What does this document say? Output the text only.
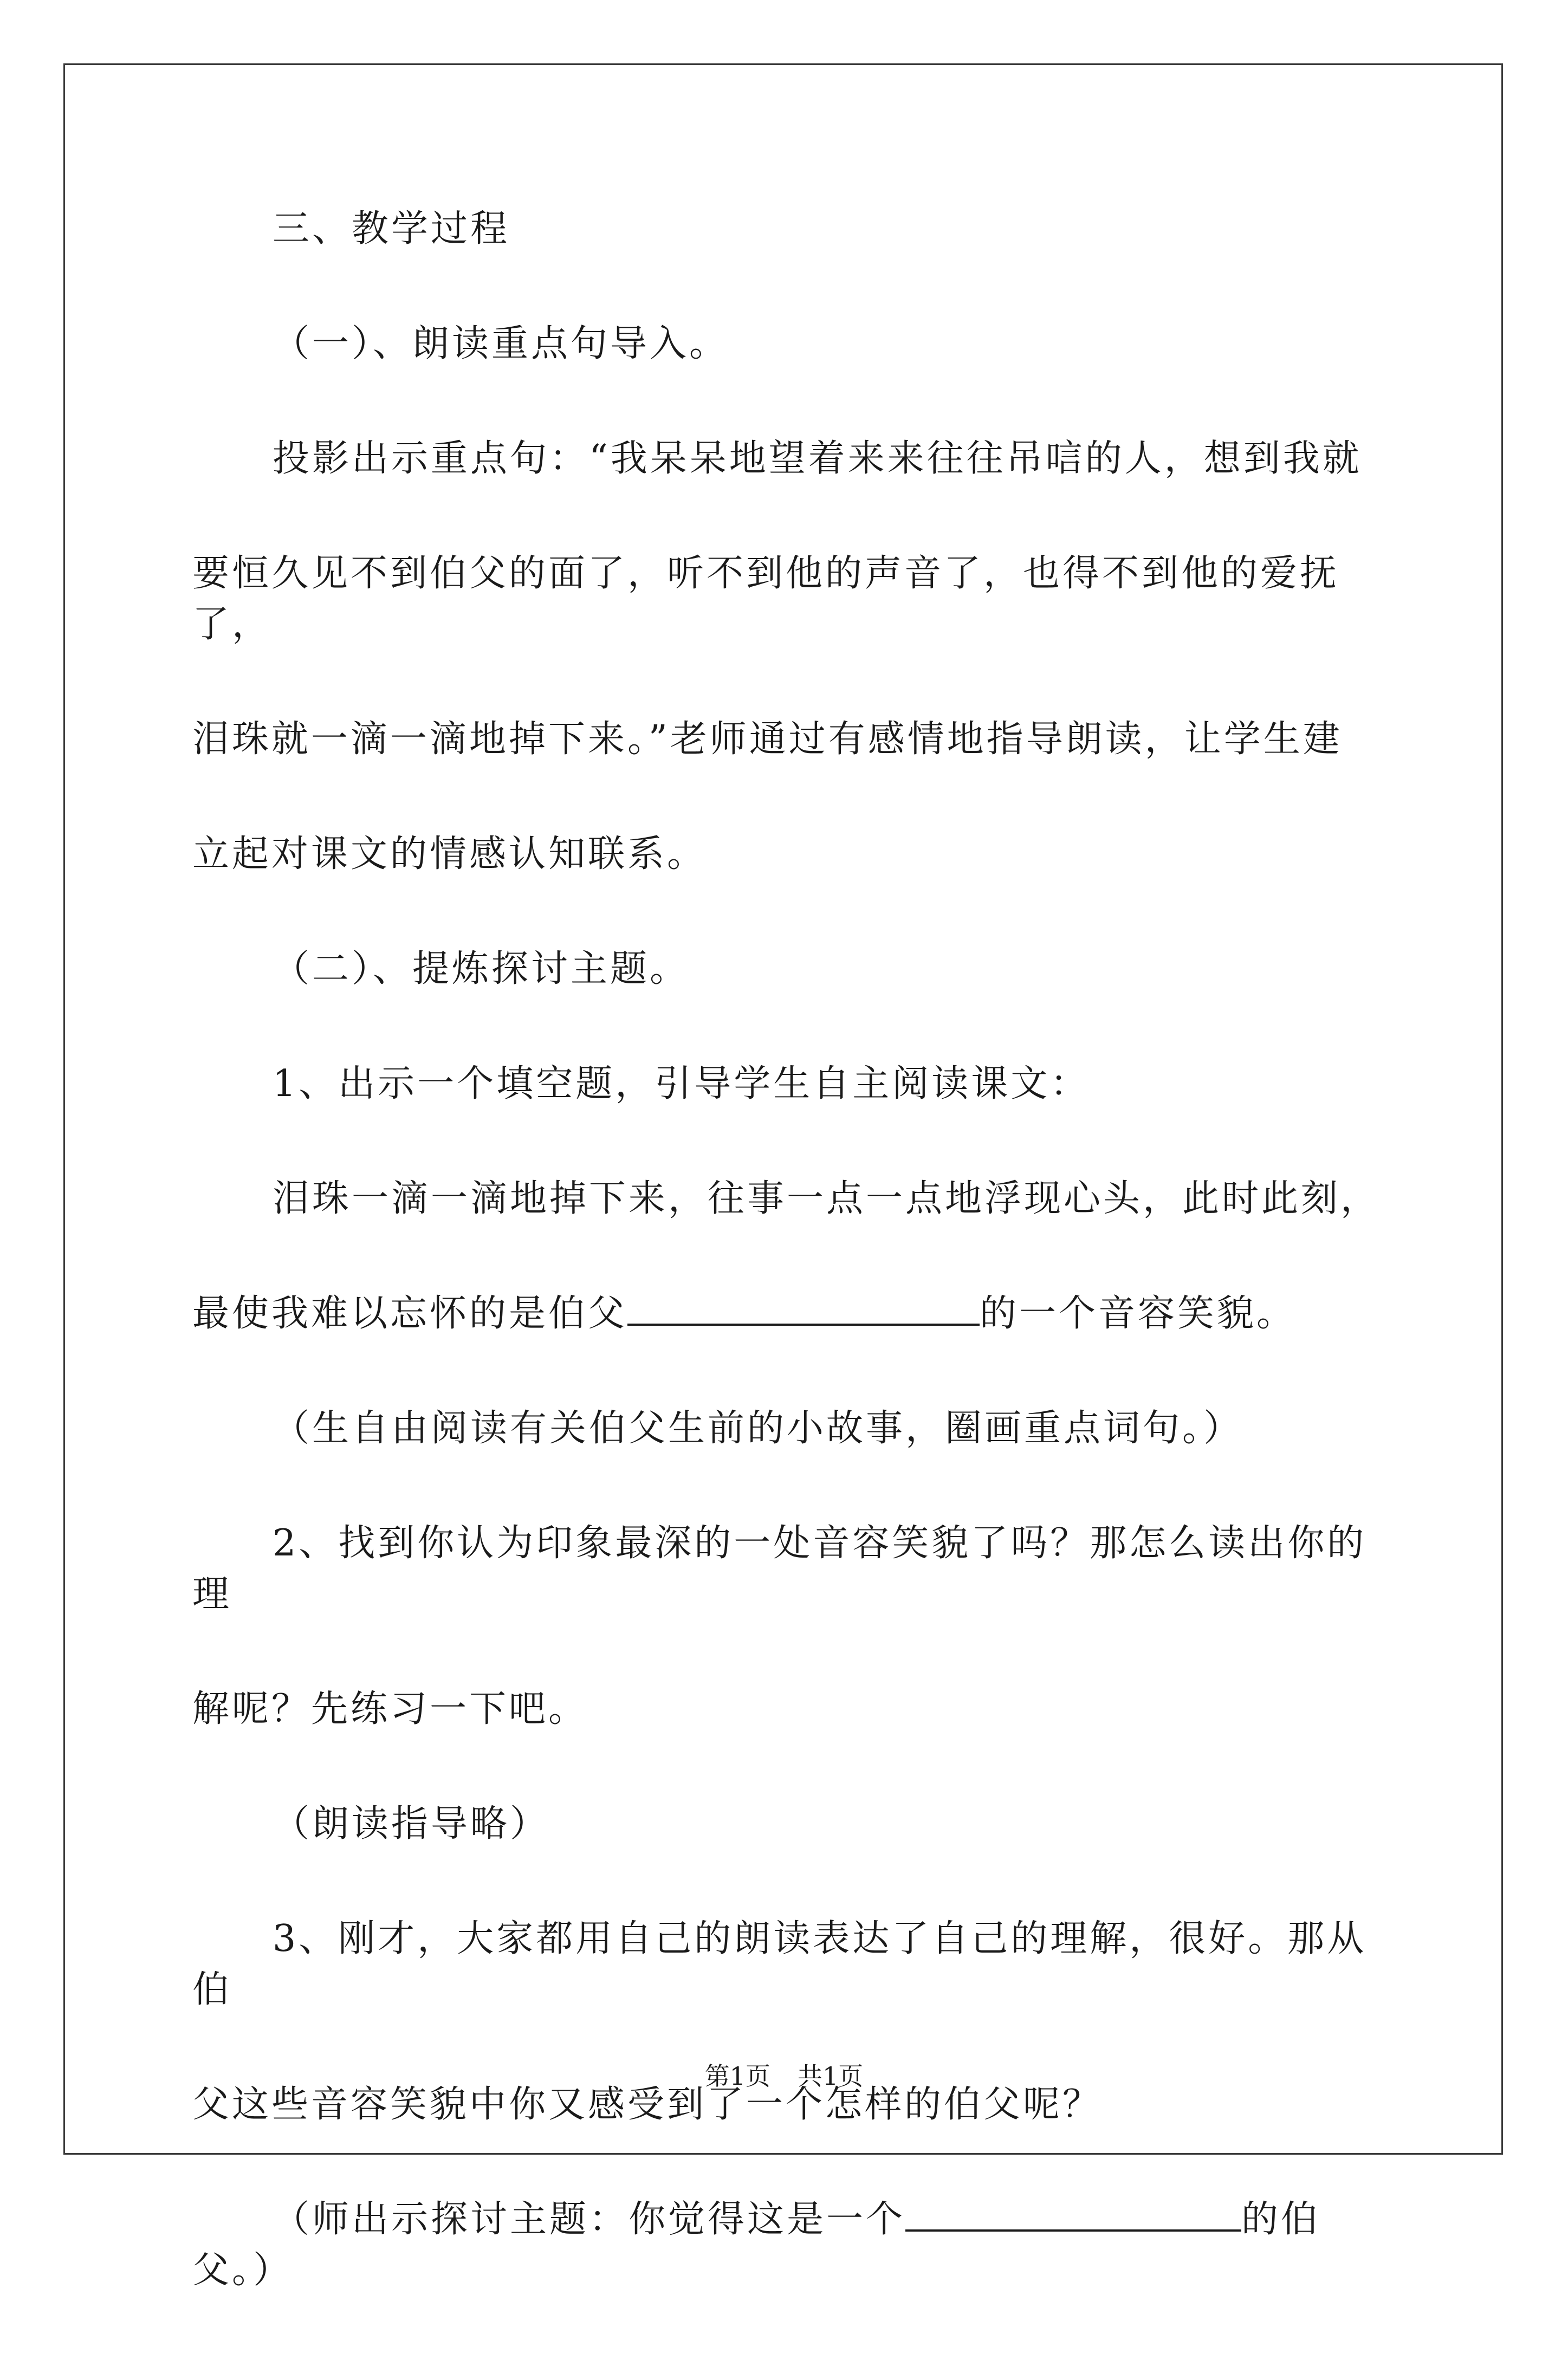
三、教学过程

（一）、朗读重点句导入。

投影出示重点句：“我呆呆地望着来来往往吊唁的人，想到我就
要恒久见不到伯父的面了，听不到他的声音了，也得不到他的爱抚了，
泪珠就一滴一滴地掉下来。”老师通过有感情地指导朗读，让学生建
立起对课文的情感认知联系。

（二）、提炼探讨主题。

1、出示一个填空题，引导学生自主阅读课文：

泪珠一滴一滴地掉下来，往事一点一点地浮现心头，此时此刻，
最使我难以忘怀的是伯父	的一个音容笑貌。

（生自由阅读有关伯父生前的小故事，圈画重点词句。）

2、找到你认为印象最深的一处音容笑貌了吗？那怎么读出你的理
解呢？先练习一下吧。

（朗读指导略）

3、刚才，大家都用自己的朗读表达了自己的理解，很好。那从伯
父这些音容笑貌中你又感受到了一个怎样的伯父呢？

（师出示探讨主题：你觉得这是一个	的伯父。）

第1页 共1页
